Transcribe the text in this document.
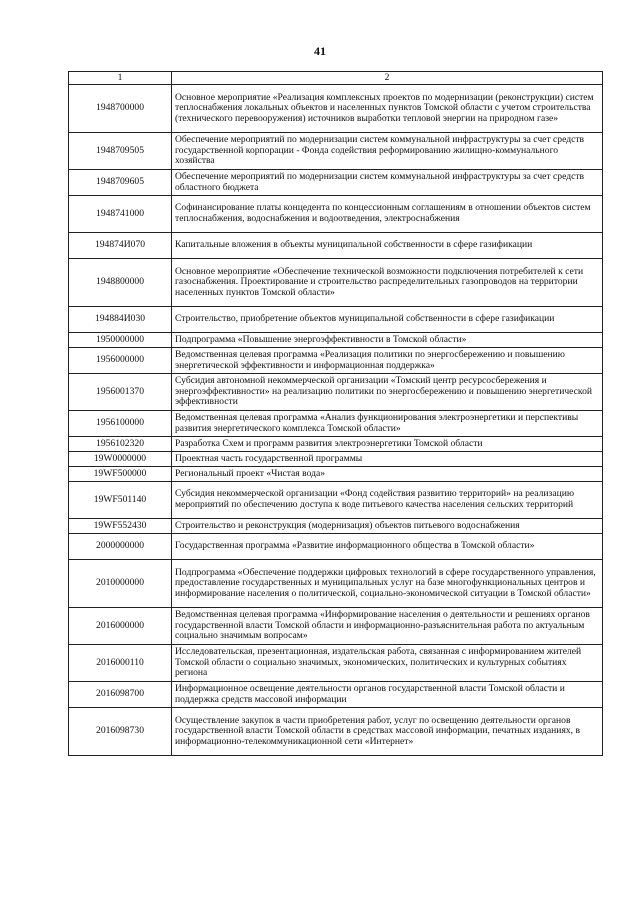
41
1	2
1948700000	Основное мероприятие «Реализация комплексных проектов по модернизации (реконструкции) систем теплоснабжения локальных объектов и населенных пунктов Томской области с учетом строительства (технического перевооружения) источников выработки тепловой энергии на природном газе»
1948709505	Обеспечение мероприятий по модернизации систем коммунальной инфраструктуры за счет средств государственной корпорации - Фонда содействия реформированию жилищно-коммунального хозяйства
1948709605	Обеспечение мероприятий по модернизации систем коммунальной инфраструктуры за счет средств областного бюджета
1948741000	Софинансирование платы концедента по концессионным соглашениям в отношении объектов систем теплоснабжения, водоснабжения и водоотведения, электроснабжения
194874И070	Капитальные вложения в объекты муниципальной собственности в сфере газификации
1948800000	Основное мероприятие «Обеспечение технической возможности подключения потребителей к сети газоснабжения. Проектирование и строительство распределительных газопроводов на территории населенных пунктов Томской области»
194884И030	Строительство, приобретение объектов муниципальной собственности в сфере газификации
1950000000	Подпрограмма «Повышение энергоэффективности в Томской области»
1956000000	Ведомственная целевая программа «Реализация политики по энергосбережению и повышению энергетической эффективности и информационная поддержка»
1956001370	Субсидия автономной некоммерческой организации «Томский центр ресурсосбережения и энергоэффективности» на реализацию политики по энергосбережению и повышению энергетической эффективности
1956100000	Ведомственная целевая программа «Анализ функционирования электроэнергетики и перспективы развития энергетического комплекса Томской области»
1956102320	Разработка Схем и программ развития электроэнергетики Томской области
19W0000000	Проектная часть государственной программы
19WF500000	Региональный проект «Чистая вода»
19WF501140	Субсидия некоммерческой организации «Фонд содействия развитию территорий» на реализацию мероприятий по обеспечению доступа к воде питьевого качества населения сельских территорий
19WF552430	Строительство и реконструкция (модернизация) объектов питьевого водоснабжения
2000000000	Государственная программа «Развитие информационного общества в Томской области»
2010000000	Подпрограмма «Обеспечение поддержки цифровых технологий в сфере государственного управления, предоставление государственных и муниципальных услуг на базе многофункциональных центров и информирование населения о политической, социально-экономической ситуации в Томской области»
2016000000	Ведомственная целевая программа «Информирование населения о деятельности и решениях органов государственной власти Томской области и информационно-разъяснительная работа по актуальным социально значимым вопросам»
2016000110	Исследовательская, презентационная, издательская работа, связанная с информированием жителей Томской области о социально значимых, экономических, политических и культурных событиях региона
2016098700	Информационное освещение деятельности органов государственной власти Томской области и поддержка средств массовой информации
2016098730	Осуществление закупок в части приобретения работ, услуг по освещению деятельности органов государственной власти Томской области в средствах массовой информации, печатных изданиях, в информационно-телекоммуникационной сети «Интернет»
